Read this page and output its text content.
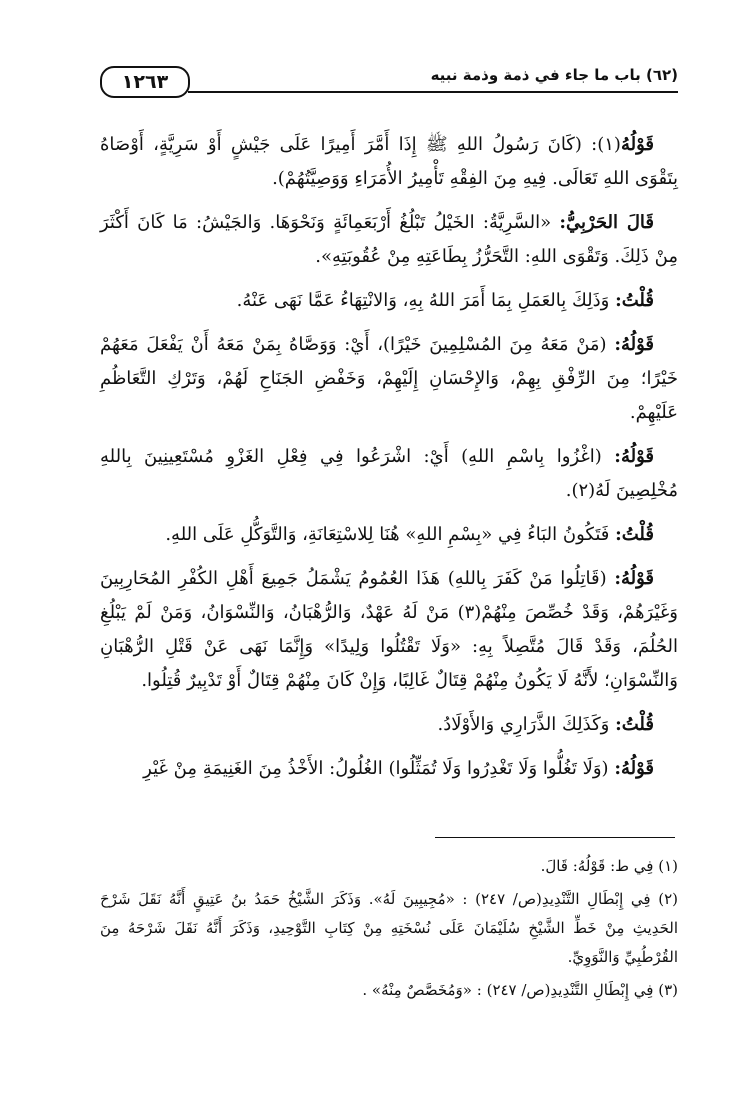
١٢٦٣	(٦٢) باب ما جاء في ذمة وذمة نبيه

قَوْلُهُ(١): (كَانَ رَسُولُ اللهِ ﷺ إِذَا أَمَّرَ أَمِيرًا عَلَى جَيْشٍ أَوْ سَرِيَّةٍ، أَوْصَاهُ بِتَقْوَى اللهِ تَعَالَى. فِيهِ مِنَ الفِقْهِ تَأْمِيرُ الأُمَرَاءِ وَوَصِيَّتُهُمْ).

قَالَ الحَرْبِيُّ: «السَّرِيَّةُ: الخَيْلُ تَبْلُغُ أَرْبَعَمِائَةٍ وَنَحْوَهَا. وَالجَيْشُ: مَا كَانَ أَكْثَرَ مِنْ ذَلِكَ. وَتَقْوَى اللهِ: التَّحَرُّزُ بِطَاعَتِهِ مِنْ عُقُوبَتِهِ».

قُلْتُ: وَذَلِكَ بِالعَمَلِ بِمَا أَمَرَ اللهُ بِهِ، وَالانْتِهَاءُ عَمَّا نَهَى عَنْهُ.

قَوْلُهُ: (مَنْ مَعَهُ مِنَ المُسْلِمِينَ خَيْرًا)، أَيْ: وَوَصَّاهُ بِمَنْ مَعَهُ أَنْ يَفْعَلَ مَعَهُمْ خَيْرًا؛ مِنَ الرِّفْقِ بِهِمْ، وَالإِحْسَانِ إِلَيْهِمْ، وَخَفْضِ الجَنَاحِ لَهُمْ، وَتَرْكِ التَّعَاظُمِ عَلَيْهِمْ.

قَوْلُهُ: (اغْزُوا بِاسْمِ اللهِ) أَيْ: اشْرَعُوا فِي فِعْلِ الغَزْوِ مُسْتَعِينِينَ بِاللهِ مُخْلِصِينَ لَهُ(٢).

قُلْتُ: فَتَكُونُ البَاءُ فِي «بِسْمِ اللهِ» هُنَا لِلاسْتِعَانَةِ، وَالتَّوَكُّلِ عَلَى اللهِ.

قَوْلُهُ: (قَاتِلُوا مَنْ كَفَرَ بِاللهِ) هَذَا العُمُومُ يَشْمَلُ جَمِيعَ أَهْلِ الكُفْرِ المُحَارِبِينَ وَغَيْرَهُمْ، وَقَدْ خُصِّصَ مِنْهُمْ(٣) مَنْ لَهُ عَهْدٌ، وَالرُّهْبَانُ، وَالنِّسْوَانُ، وَمَنْ لَمْ يَبْلُغِ الحُلُمَ، وَقَدْ قَالَ مُتَّصِلاً بِهِ: «وَلَا تَقْتُلُوا وَلِيدًا» وَإِنَّمَا نَهَى عَنْ قَتْلِ الرُّهْبَانِ وَالنِّسْوَانِ؛ لأَنَّهُ لَا يَكُونُ مِنْهُمْ قِتَالٌ غَالِبًا، وَإِنْ كَانَ مِنْهُمْ قِتَالٌ أَوْ تَدْبِيرٌ قُتِلُوا.

قُلْتُ: وَكَذَلِكَ الذَّرَارِي وَالأَوْلَادُ.

قَوْلُهُ: (وَلَا تَغُلُّوا وَلَا تَغْدِرُوا وَلَا تُمَثِّلُوا) الغُلُولُ: الأَخْذُ مِنَ الغَنِيمَةِ مِنْ غَيْرِ

(١) فِي ط: قَوْلُهُ: قَالَ.

(٢) فِي إِبْطَالِ التَّنْدِيدِ(ص/ ٢٤٧) : «مُجِيبِينَ لَهُ». وَذَكَرَ الشَّيْخُ حَمَدُ بنُ عَتِيقٍ أَنَّهُ نَقَلَ شَرْحَ الحَدِيثِ مِنْ خَطِّ الشَّيْخِ سُلَيْمَانَ عَلَى نُسْخَتِهِ مِنْ كِتَابِ التَّوْحِيدِ، وَذَكَرَ أَنَّهُ نَقَلَ شَرْحَهُ مِنَ القُرْطُبِيِّ وَالنَّوَوِيِّ.

(٣) فِي إِبْطَالِ التَّنْدِيدِ(ص/ ٢٤٧) : «وَمُخَصَّصٌ مِنْهُ» .
